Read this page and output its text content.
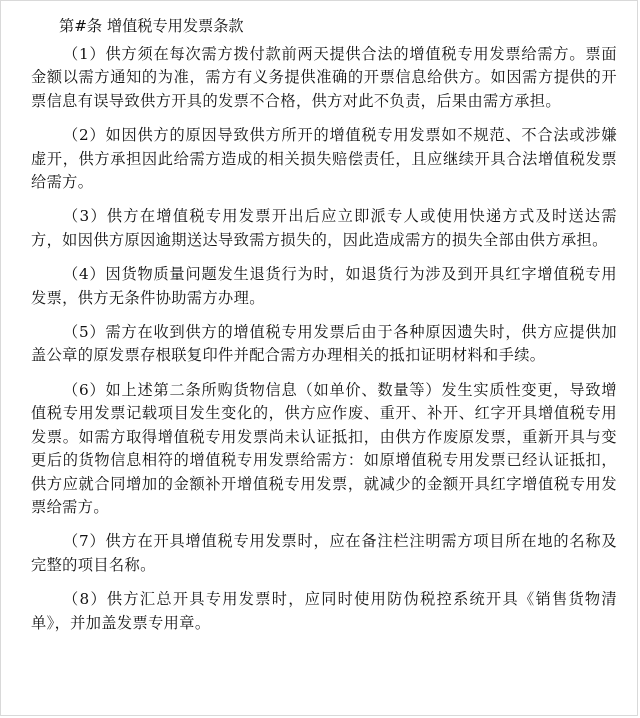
第#条 增值税专用发票条款

（1）供方须在每次需方拨付款前两天提供合法的增值税专用发票给需方。票面金额以需方通知的为准，需方有义务提供准确的开票信息给供方。如因需方提供的开票信息有误导致供方开具的发票不合格，供方对此不负责，后果由需方承担。

（2）如因供方的原因导致供方所开的增值税专用发票如不规范、不合法或涉嫌虚开，供方承担因此给需方造成的相关损失赔偿责任，且应继续开具合法增值税发票给需方。

（3）供方在增值税专用发票开出后应立即派专人或使用快递方式及时送达需方，如因供方原因逾期送达导致需方损失的，因此造成需方的损失全部由供方承担。

（4）因货物质量问题发生退货行为时，如退货行为涉及到开具红字增值税专用发票，供方无条件协助需方办理。

（5）需方在收到供方的增值税专用发票后由于各种原因遗失时，供方应提供加盖公章的原发票存根联复印件并配合需方办理相关的抵扣证明材料和手续。

（6）如上述第二条所购货物信息（如单价、数量等）发生实质性变更，导致增值税专用发票记载项目发生变化的，供方应作废、重开、补开、红字开具增值税专用发票。如需方取得增值税专用发票尚未认证抵扣，由供方作废原发票，重新开具与变更后的货物信息相符的增值税专用发票给需方：如原增值税专用发票已经认证抵扣，供方应就合同增加的金额补开增值税专用发票，就减少的金额开具红字增值税专用发票给需方。

（7）供方在开具增值税专用发票时，应在备注栏注明需方项目所在地的名称及完整的项目名称。

（8）供方汇总开具专用发票时，应同时使用防伪税控系统开具《销售货物清单》，并加盖发票专用章。
